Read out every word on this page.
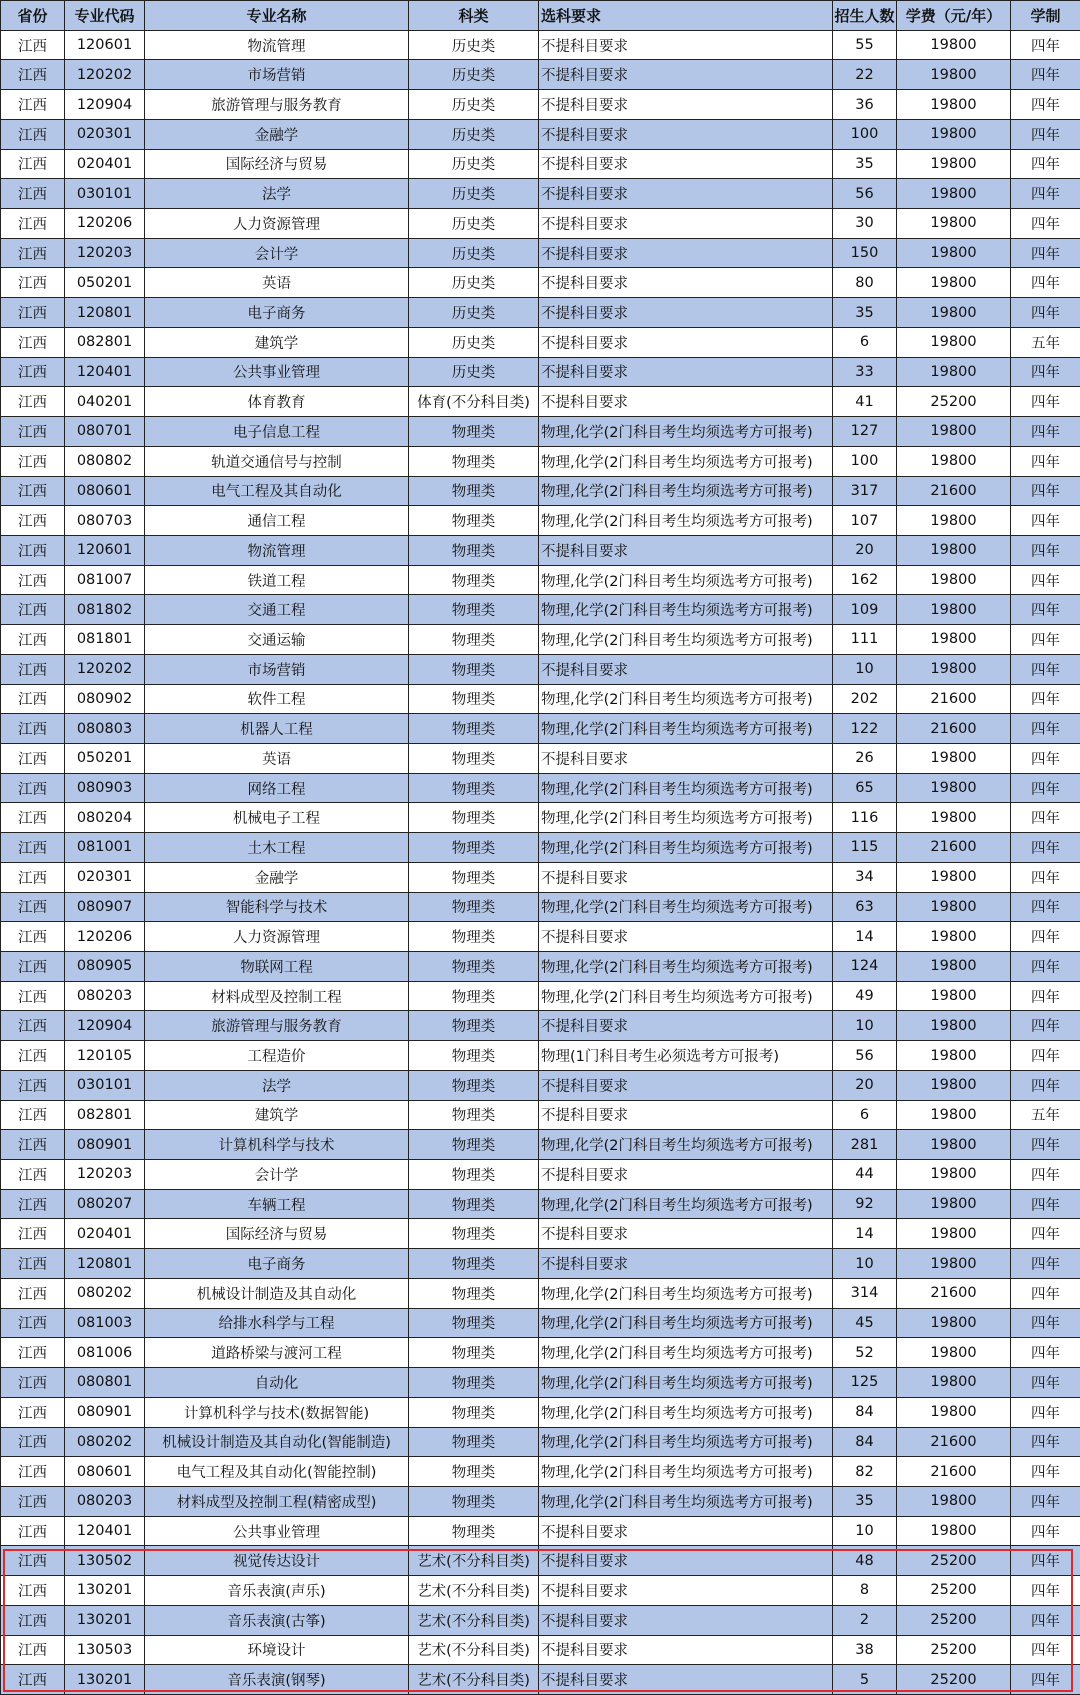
省份	专业代码	专业名称	科类	选科要求	招生人数	学费（元/年）	学制
江西	120601	物流管理	历史类	不提科目要求	55	19800	四年
江西	120202	市场营销	历史类	不提科目要求	22	19800	四年
江西	120904	旅游管理与服务教育	历史类	不提科目要求	36	19800	四年
江西	020301	金融学	历史类	不提科目要求	100	19800	四年
江西	020401	国际经济与贸易	历史类	不提科目要求	35	19800	四年
江西	030101	法学	历史类	不提科目要求	56	19800	四年
江西	120206	人力资源管理	历史类	不提科目要求	30	19800	四年
江西	120203	会计学	历史类	不提科目要求	150	19800	四年
江西	050201	英语	历史类	不提科目要求	80	19800	四年
江西	120801	电子商务	历史类	不提科目要求	35	19800	四年
江西	082801	建筑学	历史类	不提科目要求	6	19800	五年
江西	120401	公共事业管理	历史类	不提科目要求	33	19800	四年
江西	040201	体育教育	体育(不分科目类)	不提科目要求	41	25200	四年
江西	080701	电子信息工程	物理类	物理,化学(2门科目考生均须选考方可报考)	127	19800	四年
江西	080802	轨道交通信号与控制	物理类	物理,化学(2门科目考生均须选考方可报考)	100	19800	四年
江西	080601	电气工程及其自动化	物理类	物理,化学(2门科目考生均须选考方可报考)	317	21600	四年
江西	080703	通信工程	物理类	物理,化学(2门科目考生均须选考方可报考)	107	19800	四年
江西	120601	物流管理	物理类	不提科目要求	20	19800	四年
江西	081007	铁道工程	物理类	物理,化学(2门科目考生均须选考方可报考)	162	19800	四年
江西	081802	交通工程	物理类	物理,化学(2门科目考生均须选考方可报考)	109	19800	四年
江西	081801	交通运输	物理类	物理,化学(2门科目考生均须选考方可报考)	111	19800	四年
江西	120202	市场营销	物理类	不提科目要求	10	19800	四年
江西	080902	软件工程	物理类	物理,化学(2门科目考生均须选考方可报考)	202	21600	四年
江西	080803	机器人工程	物理类	物理,化学(2门科目考生均须选考方可报考)	122	21600	四年
江西	050201	英语	物理类	不提科目要求	26	19800	四年
江西	080903	网络工程	物理类	物理,化学(2门科目考生均须选考方可报考)	65	19800	四年
江西	080204	机械电子工程	物理类	物理,化学(2门科目考生均须选考方可报考)	116	19800	四年
江西	081001	土木工程	物理类	物理,化学(2门科目考生均须选考方可报考)	115	21600	四年
江西	020301	金融学	物理类	不提科目要求	34	19800	四年
江西	080907	智能科学与技术	物理类	物理,化学(2门科目考生均须选考方可报考)	63	19800	四年
江西	120206	人力资源管理	物理类	不提科目要求	14	19800	四年
江西	080905	物联网工程	物理类	物理,化学(2门科目考生均须选考方可报考)	124	19800	四年
江西	080203	材料成型及控制工程	物理类	物理,化学(2门科目考生均须选考方可报考)	49	19800	四年
江西	120904	旅游管理与服务教育	物理类	不提科目要求	10	19800	四年
江西	120105	工程造价	物理类	物理(1门科目考生必须选考方可报考)	56	19800	四年
江西	030101	法学	物理类	不提科目要求	20	19800	四年
江西	082801	建筑学	物理类	不提科目要求	6	19800	五年
江西	080901	计算机科学与技术	物理类	物理,化学(2门科目考生均须选考方可报考)	281	19800	四年
江西	120203	会计学	物理类	不提科目要求	44	19800	四年
江西	080207	车辆工程	物理类	物理,化学(2门科目考生均须选考方可报考)	92	19800	四年
江西	020401	国际经济与贸易	物理类	不提科目要求	14	19800	四年
江西	120801	电子商务	物理类	不提科目要求	10	19800	四年
江西	080202	机械设计制造及其自动化	物理类	物理,化学(2门科目考生均须选考方可报考)	314	21600	四年
江西	081003	给排水科学与工程	物理类	物理,化学(2门科目考生均须选考方可报考)	45	19800	四年
江西	081006	道路桥梁与渡河工程	物理类	物理,化学(2门科目考生均须选考方可报考)	52	19800	四年
江西	080801	自动化	物理类	物理,化学(2门科目考生均须选考方可报考)	125	19800	四年
江西	080901	计算机科学与技术(数据智能)	物理类	物理,化学(2门科目考生均须选考方可报考)	84	19800	四年
江西	080202	机械设计制造及其自动化(智能制造)	物理类	物理,化学(2门科目考生均须选考方可报考)	84	21600	四年
江西	080601	电气工程及其自动化(智能控制)	物理类	物理,化学(2门科目考生均须选考方可报考)	82	21600	四年
江西	080203	材料成型及控制工程(精密成型)	物理类	物理,化学(2门科目考生均须选考方可报考)	35	19800	四年
江西	120401	公共事业管理	物理类	不提科目要求	10	19800	四年
江西	130502	视觉传达设计	艺术(不分科目类)	不提科目要求	48	25200	四年
江西	130201	音乐表演(声乐)	艺术(不分科目类)	不提科目要求	8	25200	四年
江西	130201	音乐表演(古筝)	艺术(不分科目类)	不提科目要求	2	25200	四年
江西	130503	环境设计	艺术(不分科目类)	不提科目要求	38	25200	四年
江西	130201	音乐表演(钢琴)	艺术(不分科目类)	不提科目要求	5	25200	四年
